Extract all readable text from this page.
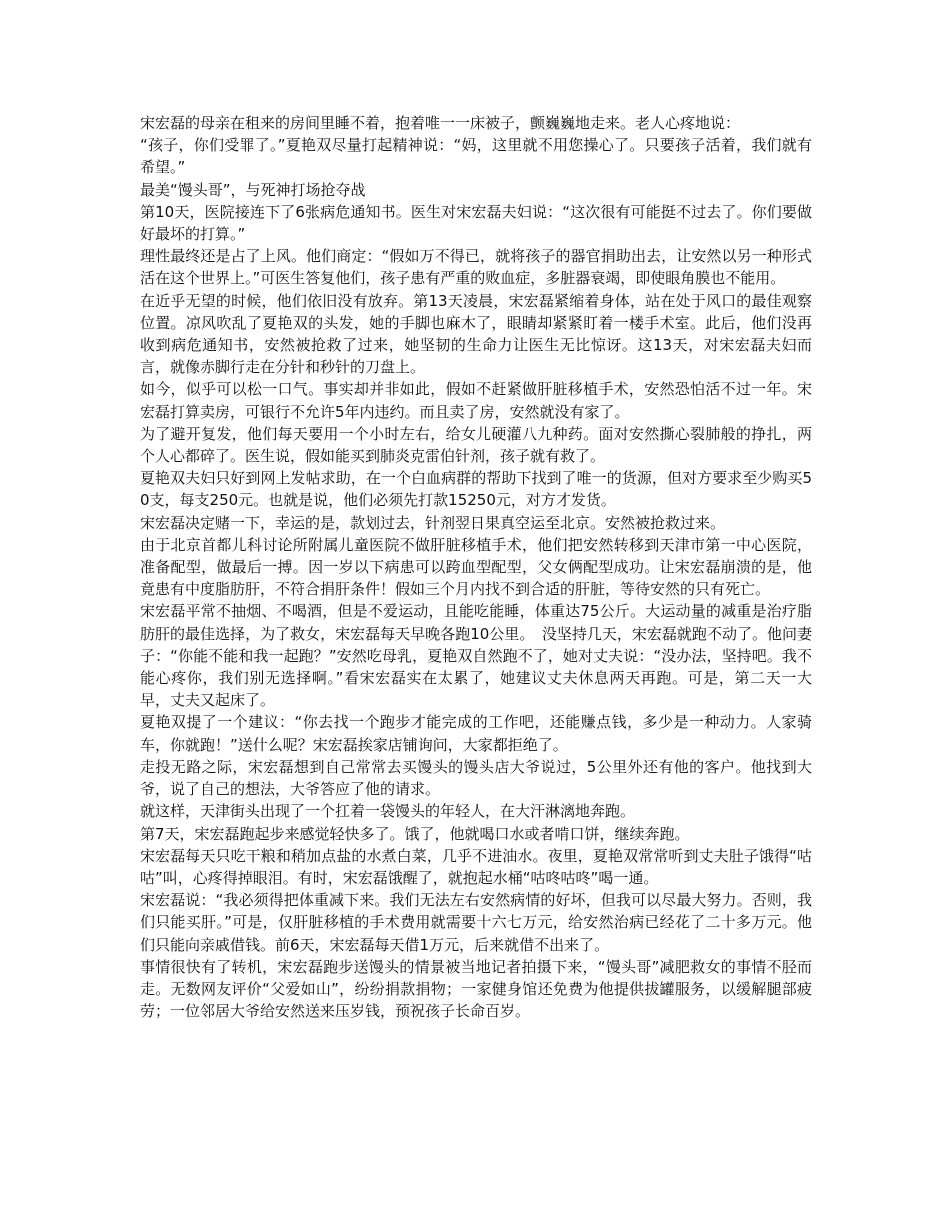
宋宏磊的母亲在租来的房间里睡不着，抱着唯一一床被子，颤巍巍地走来。老人心疼地说：

“孩子，你们受罪了。”夏艳双尽量打起精神说：“妈，这里就不用您操心了。只要孩子活着，我们就有希望。”

最美“馒头哥”，与死神打场抢夺战

第10天，医院接连下了6张病危通知书。医生对宋宏磊夫妇说：“这次很有可能挺不过去了。你们要做好最坏的打算。”

理性最终还是占了上风。他们商定：“假如万不得已，就将孩子的器官捐助出去，让安然以另一种形式活在这个世界上。”可医生答复他们，孩子患有严重的败血症，多脏器衰竭，即使眼角膜也不能用。

在近乎无望的时候，他们依旧没有放弃。第13天凌晨，宋宏磊紧缩着身体，站在处于风口的最佳观察位置。凉风吹乱了夏艳双的头发，她的手脚也麻木了，眼睛却紧紧盯着一楼手术室。此后，他们没再收到病危通知书，安然被抢救了过来，她坚韧的生命力让医生无比惊讶。这13天，对宋宏磊夫妇而言，就像赤脚行走在分针和秒针的刀盘上。

如今，似乎可以松一口气。事实却并非如此，假如不赶紧做肝脏移植手术，安然恐怕活不过一年。宋宏磊打算卖房，可银行不允许5年内违约。而且卖了房，安然就没有家了。

为了避开复发，他们每天要用一个小时左右，给女儿硬灌八九种药。面对安然撕心裂肺般的挣扎，两个人心都碎了。医生说，假如能买到肺炎克雷伯针剂，孩子就有救了。

夏艳双夫妇只好到网上发帖求助，在一个白血病群的帮助下找到了唯一的货源，但对方要求至少购买50支，每支250元。也就是说，他们必须先打款15250元，对方才发货。

宋宏磊决定赌一下，幸运的是，款划过去，针剂翌日果真空运至北京。安然被抢救过来。

由于北京首都儿科讨论所附属儿童医院不做肝脏移植手术，他们把安然转移到天津市第一中心医院，准备配型，做最后一搏。因一岁以下病患可以跨血型配型，父女俩配型成功。让宋宏磊崩溃的是，他竟患有中度脂肪肝，不符合捐肝条件！假如三个月内找不到合适的肝脏，等待安然的只有死亡。

宋宏磊平常不抽烟、不喝酒，但是不爱运动，且能吃能睡，体重达75公斤。大运动量的减重是治疗脂肪肝的最佳选择，为了救女，宋宏磊每天早晚各跑10公里。　没坚持几天，宋宏磊就跑不动了。他问妻子：“你能不能和我一起跑？”安然吃母乳，夏艳双自然跑不了，她对丈夫说：“没办法，坚持吧。我不能心疼你，我们别无选择啊。”看宋宏磊实在太累了，她建议丈夫休息两天再跑。可是，第二天一大早，丈夫又起床了。

夏艳双提了一个建议：“你去找一个跑步才能完成的工作吧，还能赚点钱，多少是一种动力。人家骑车，你就跑！”送什么呢？宋宏磊挨家店铺询问，大家都拒绝了。

走投无路之际，宋宏磊想到自己常常去买馒头的馒头店大爷说过，5公里外还有他的客户。他找到大爷，说了自己的想法，大爷答应了他的请求。

就这样，天津街头出现了一个扛着一袋馒头的年轻人，在大汗淋漓地奔跑。

第7天，宋宏磊跑起步来感觉轻快多了。饿了，他就喝口水或者啃口饼，继续奔跑。

宋宏磊每天只吃干粮和稍加点盐的水煮白菜，几乎不进油水。夜里，夏艳双常常听到丈夫肚子饿得“咕咕”叫，心疼得掉眼泪。有时，宋宏磊饿醒了，就抱起水桶“咕咚咕咚”喝一通。

宋宏磊说：“我必须得把体重减下来。我们无法左右安然病情的好坏，但我可以尽最大努力。否则，我们只能买肝。”可是，仅肝脏移植的手术费用就需要十六七万元，给安然治病已经花了二十多万元。他们只能向亲戚借钱。前6天，宋宏磊每天借1万元，后来就借不出来了。

事情很快有了转机，宋宏磊跑步送馒头的情景被当地记者拍摄下来，“馒头哥”减肥救女的事情不胫而走。无数网友评价“父爱如山”，纷纷捐款捐物；一家健身馆还免费为他提供拔罐服务，以缓解腿部疲劳；一位邻居大爷给安然送来压岁钱，预祝孩子长命百岁。
